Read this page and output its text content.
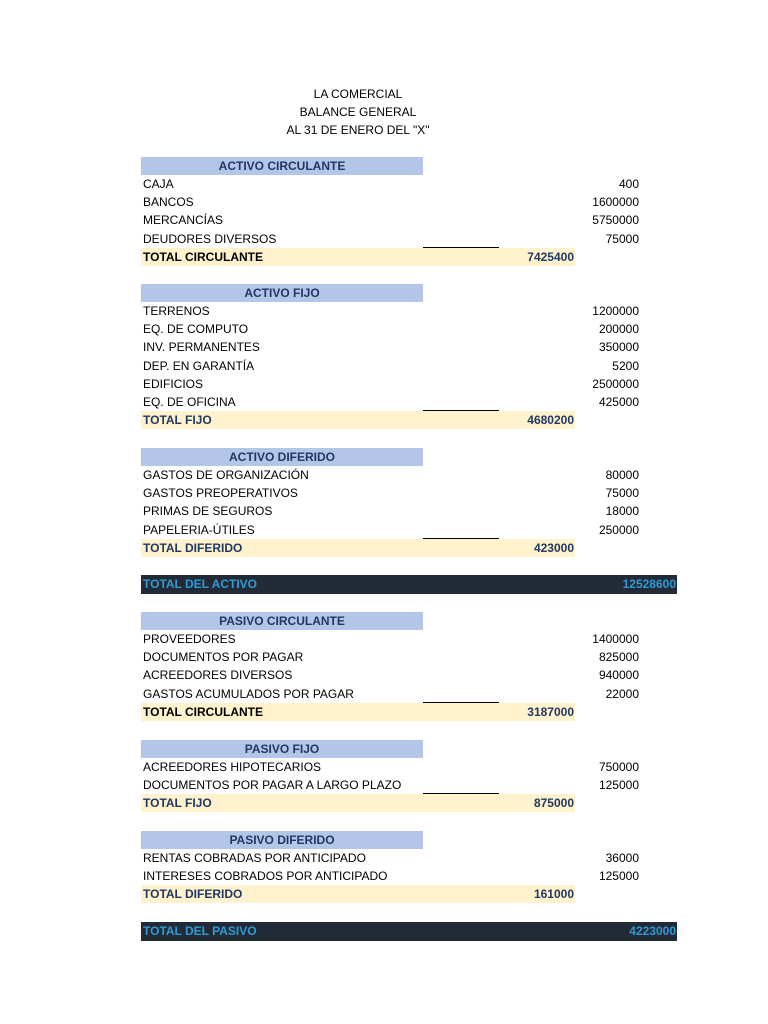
LA COMERCIAL
BALANCE GENERAL
AL 31 DE ENERO DEL "X"
ACTIVO CIRCULANTE
CAJA	400
BANCOS	1600000
MERCANCÍAS	5750000
DEUDORES DIVERSOS	75000
TOTAL CIRCULANTE	7425400
ACTIVO FIJO
TERRENOS	1200000
EQ. DE COMPUTO	200000
INV. PERMANENTES	350000
DEP. EN GARANTÍA	5200
EDIFICIOS	2500000
EQ. DE OFICINA	425000
TOTAL FIJO	4680200
ACTIVO DIFERIDO
GASTOS DE ORGANIZACIÓN	80000
GASTOS PREOPERATIVOS	75000
PRIMAS DE SEGUROS	18000
PAPELERIA-ÚTILES	250000
TOTAL DIFERIDO	423000
TOTAL DEL ACTIVO	12528600
PASIVO CIRCULANTE
PROVEEDORES	1400000
DOCUMENTOS POR PAGAR	825000
ACREEDORES DIVERSOS	940000
GASTOS ACUMULADOS POR PAGAR	22000
TOTAL CIRCULANTE	3187000
PASIVO FIJO
ACREEDORES HIPOTECARIOS	750000
DOCUMENTOS POR PAGAR A LARGO PLAZO	125000
TOTAL FIJO	875000
PASIVO DIFERIDO
RENTAS COBRADAS POR ANTICIPADO	36000
INTERESES COBRADOS POR ANTICIPADO	125000
TOTAL DIFERIDO	161000
TOTAL DEL PASIVO	4223000
